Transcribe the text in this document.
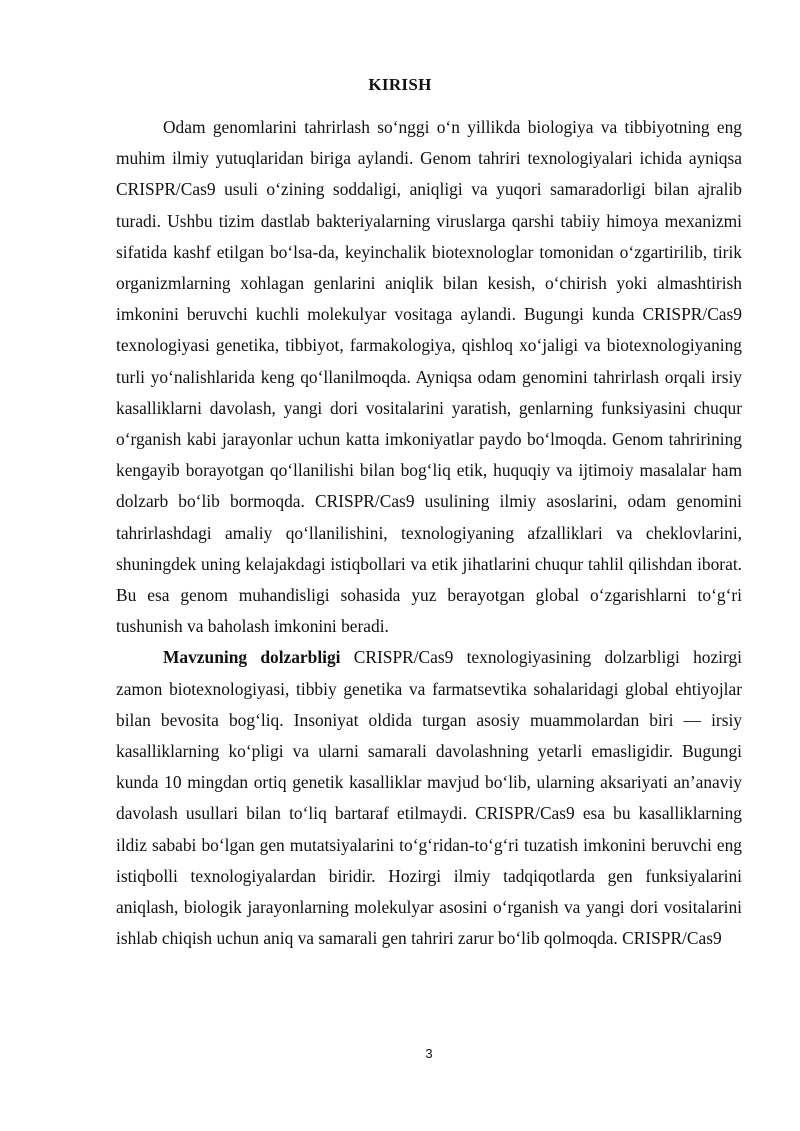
KIRISH

Odam genomlarini tahrirlash so‘nggi o‘n yillikda biologiya va tibbiyotning eng muhim ilmiy yutuqlaridan biriga aylandi. Genom tahriri texnologiyalari ichida ayniqsa CRISPR/Cas9 usuli o‘zining soddaligi, aniqligi va yuqori samaradorligi bilan ajralib turadi. Ushbu tizim dastlab bakteriyalarning viruslarga qarshi tabiiy himoya mexanizmi sifatida kashf etilgan bo‘lsa-da, keyinchalik biotexnologlar tomonidan o‘zgartirilib, tirik organizmlarning xohlagan genlarini aniqlik bilan kesish, o‘chirish yoki almashtirish imkonini beruvchi kuchli molekulyar vositaga aylandi. Bugungi kunda CRISPR/Cas9 texnologiyasi genetika, tibbiyot, farmakologiya, qishloq xo‘jaligi va biotexnologiyaning turli yo‘nalishlarida keng qo‘llanilmoqda. Ayniqsa odam genomini tahrirlash orqali irsiy kasalliklarni davolash, yangi dori vositalarini yaratish, genlarning funksiyasini chuqur o‘rganish kabi jarayonlar uchun katta imkoniyatlar paydo bo‘lmoqda. Genom tahririning kengayib borayotgan qo‘llanilishi bilan bog‘liq etik, huquqiy va ijtimoiy masalalar ham dolzarb bo‘lib bormoqda. CRISPR/Cas9 usulining ilmiy asoslarini, odam genomini tahrirlashdagi amaliy qo‘llanilishini, texnologiyaning afzalliklari va cheklovlarini, shuningdek uning kelajakdagi istiqbollari va etik jihatlarini chuqur tahlil qilishdan iborat. Bu esa genom muhandisligi sohasida yuz berayotgan global o‘zgarishlarni to‘g‘ri tushunish va baholash imkonini beradi.

Mavzuning dolzarbligi CRISPR/Cas9 texnologiyasining dolzarbligi hozirgi zamon biotexnologiyasi, tibbiy genetika va farmatsevtika sohalaridagi global ehtiyojlar bilan bevosita bog‘liq. Insoniyat oldida turgan asosiy muammolardan biri — irsiy kasalliklarning ko‘pligi va ularni samarali davolashning yetarli emasligidir. Bugungi kunda 10 mingdan ortiq genetik kasalliklar mavjud bo‘lib, ularning aksariyati an’anaviy davolash usullari bilan to‘liq bartaraf etilmaydi. CRISPR/Cas9 esa bu kasalliklarning ildiz sababi bo‘lgan gen mutatsiyalarini to‘g‘ridan-to‘g‘ri tuzatish imkonini beruvchi eng istiqbolli texnologiyalardan biridir. Hozirgi ilmiy tadqiqotlarda gen funksiyalarini aniqlash, biologik jarayonlarning molekulyar asosini o‘rganish va yangi dori vositalarini ishlab chiqish uchun aniq va samarali gen tahriri zarur bo‘lib qolmoqda. CRISPR/Cas9

3
